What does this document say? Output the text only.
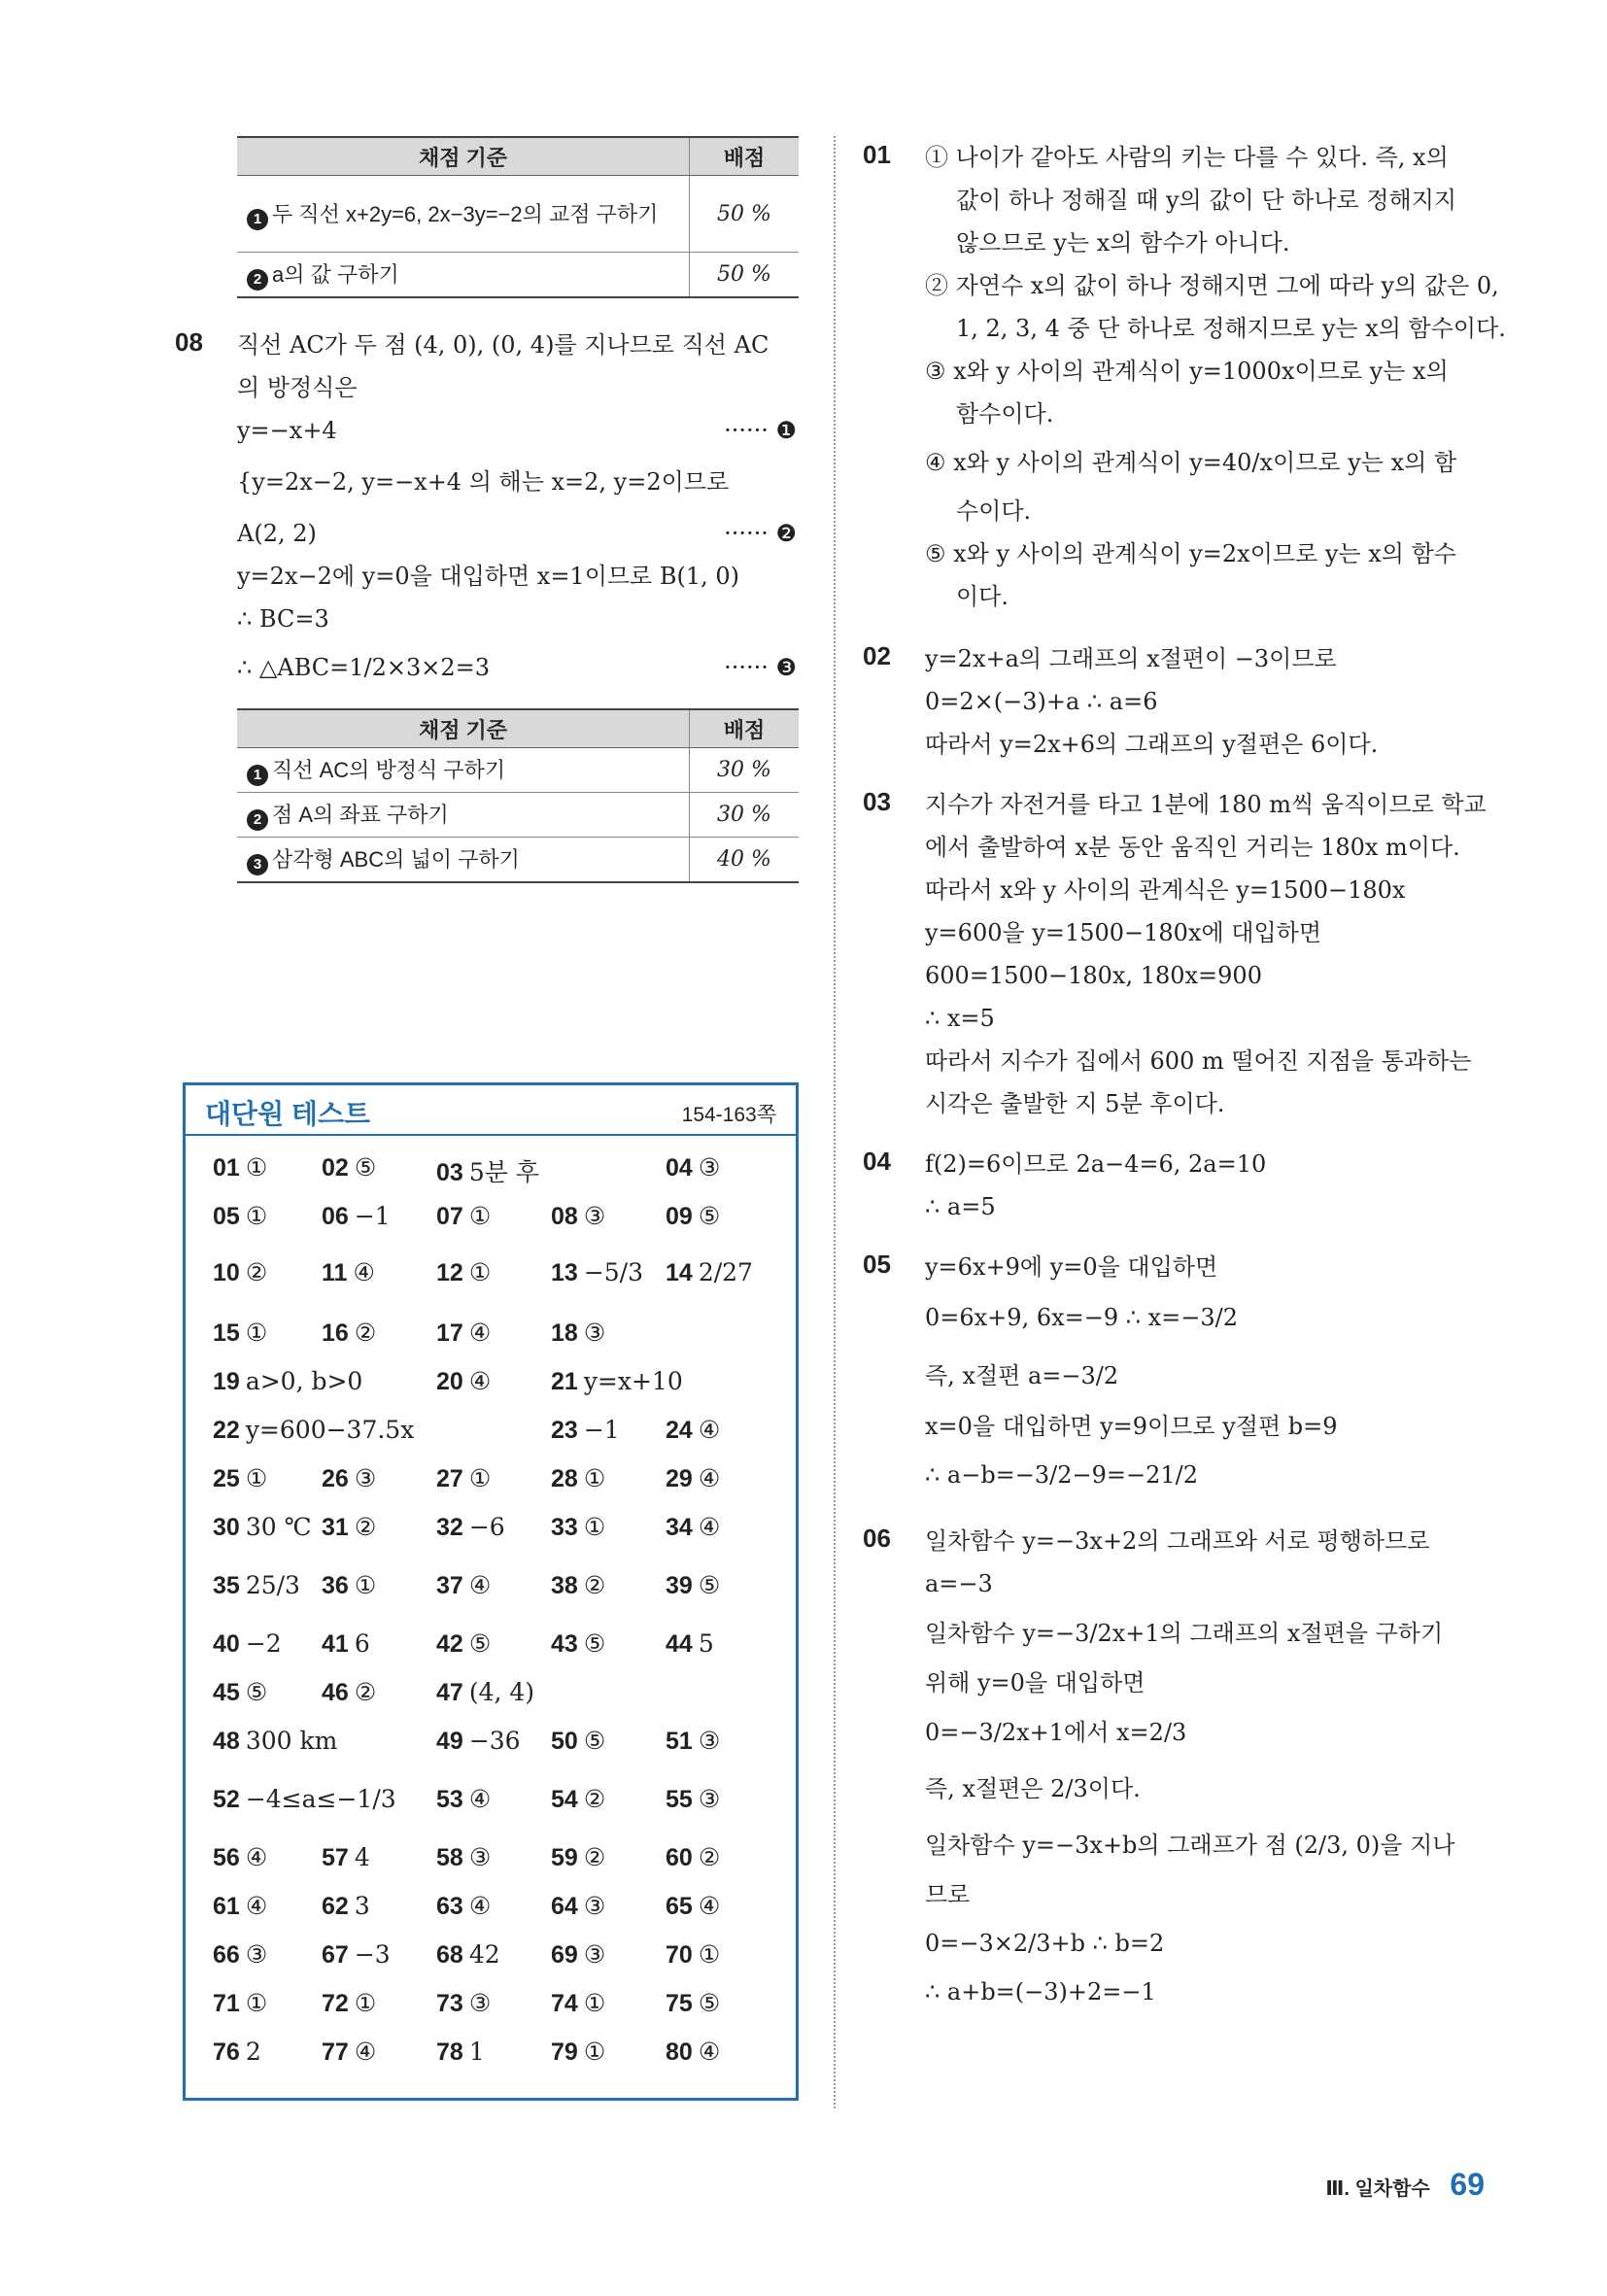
채점 기준	배점
1 두 직선 x+2y=6, 2x−3y=−2의 교점 구하기	50 %
2 a의 값 구하기	50 %
08 직선 AC가 두 점 (4, 0), (0, 4)를 지나므로 직선 AC
의 방정식은
y=−x+4	······ ❶
{y=2x−2, y=−x+4 의 해는 x=2, y=2이므로
A(2, 2)	······ ❷
y=2x−2에 y=0을 대입하면 x=1이므로 B(1, 0)
∴ BC=3
∴ △ABC=1/2×3×2=3	······ ❸
채점 기준	배점
1 직선 AC의 방정식 구하기	30 %
2 점 A의 좌표 구하기	30 %
3 삼각형 ABC의 넓이 구하기	40 %
대단원 테스트	154-163쪽
01 ① 02 ⑤ 03 5분 후	04 ③
05 ① 06 −1 07 ① 08 ③ 09 ⑤
10 ② 11 ④	12 ① 13 −5/3 14 2/27
15 ① 16 ② 17 ④ 18 ③
19 a>0, b>0	20 ④ 21 y=x+10
22 y=600−37.5x	23 −1 24 ④
25 ① 26 ③ 27 ① 28 ① 29 ④
30 30 ℃ 31 ② 32 −6 33 ① 34 ④
35 25/3 36 ① 37 ④ 38 ② 39 ⑤
40 −2 41 6	42 ⑤ 43 ⑤ 44 5
45 ⑤ 46 ② 47 (4, 4)
48 300 km	49 −36 50 ⑤ 51 ③
52 −4≤a≤−1/3 53 ④ 54 ② 55 ③
56 ④ 57 4	58 ③ 59 ② 60 ②
61 ④ 62 3	63 ④ 64 ③ 65 ④
66 ③ 67 −3 68 42 69 ③ 70 ①
71 ① 72 ① 73 ③ 74 ① 75 ⑤
76 2 77 ④ 78 1	79 ① 80 ④
01 ① 나이가 같아도 사람의 키는 다를 수 있다. 즉, x의
값이 하나 정해질 때 y의 값이 단 하나로 정해지지
않으므로 y는 x의 함수가 아니다.
② 자연수 x의 값이 하나 정해지면 그에 따라 y의 값은 0,
1, 2, 3, 4 중 단 하나로 정해지므로 y는 x의 함수이다.
③ x와 y 사이의 관계식이 y=1000x이므로 y는 x의
함수이다.
④ x와 y 사이의 관계식이 y=40/x이므로 y는 x의 함
수이다.
⑤ x와 y 사이의 관계식이 y=2x이므로 y는 x의 함수
이다.
02 y=2x+a의 그래프의 x절편이 −3이므로
0=2×(−3)+a ∴ a=6
따라서 y=2x+6의 그래프의 y절편은 6이다.
03 지수가 자전거를 타고 1분에 180 m씩 움직이므로 학교
에서 출발하여 x분 동안 움직인 거리는 180x m이다.
따라서 x와 y 사이의 관계식은 y=1500−180x
y=600을 y=1500−180x에 대입하면
600=1500−180x, 180x=900
∴ x=5
따라서 지수가 집에서 600 m 떨어진 지점을 통과하는
시각은 출발한 지 5분 후이다.
04 f(2)=6이므로 2a−4=6, 2a=10
∴ a=5
05 y=6x+9에 y=0을 대입하면
0=6x+9, 6x=−9 ∴ x=−3/2
즉, x절편 a=−3/2
x=0을 대입하면 y=9이므로 y절편 b=9
∴ a−b=−3/2−9=−21/2
06 일차함수 y=−3x+2의 그래프와 서로 평행하므로
a=−3
일차함수 y=−3/2x+1의 그래프의 x절편을 구하기
위해 y=0을 대입하면
0=−3/2x+1에서 x=2/3
즉, x절편은 2/3이다.
일차함수 y=−3x+b의 그래프가 점 (2/3, 0)을 지나
므로
0=−3×2/3+b ∴ b=2
∴ a+b=(−3)+2=−1
Ⅲ. 일차함수 69
